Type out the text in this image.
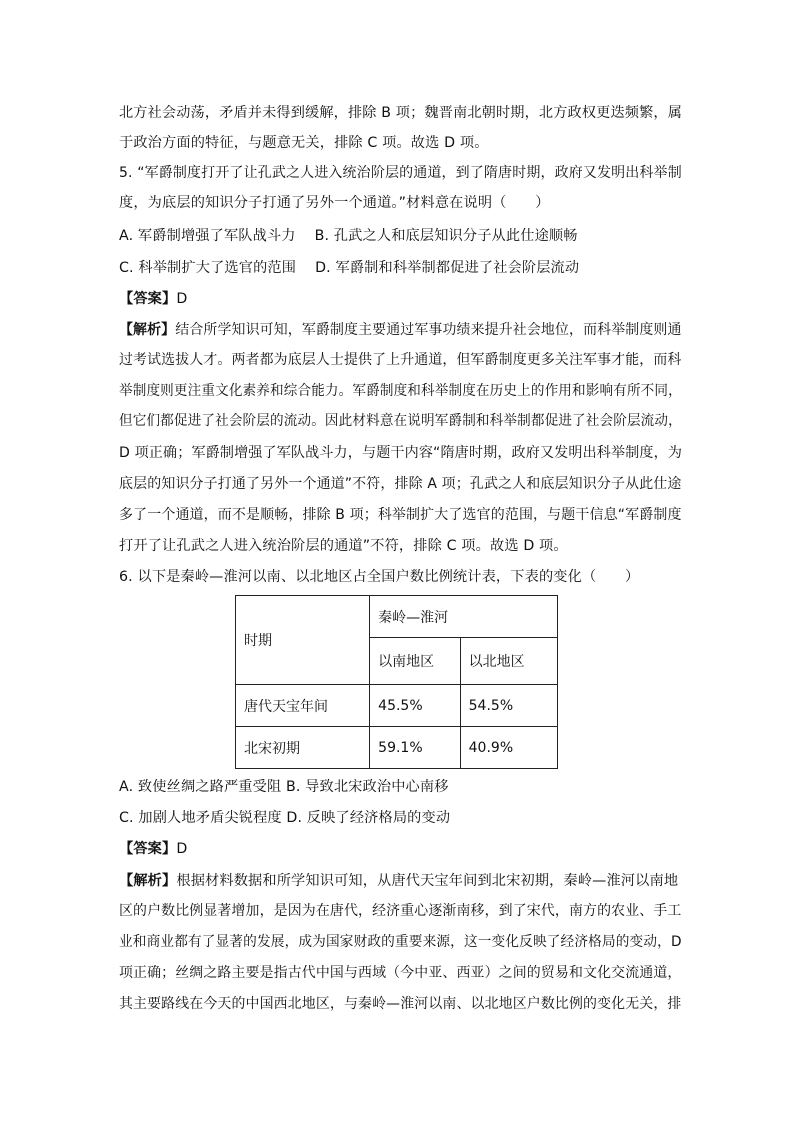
北方社会动荡，矛盾并未得到缓解，排除 B 项；魏晋南北朝时期，北方政权更迭频繁，属
于政治方面的特征，与题意无关，排除 C 项。故选 D 项。
5. “军爵制度打开了让孔武之人进入统治阶层的通道，到了隋唐时期，政府又发明出科举制
度，为底层的知识分子打通了另外一个通道。”材料意在说明（　　）
A. 军爵制增强了军队战斗力　 B. 孔武之人和底层知识分子从此仕途顺畅
C. 科举制扩大了选官的范围　 D. 军爵制和科举制都促进了社会阶层流动
【答案】D
【解析】结合所学知识可知，军爵制度主要通过军事功绩来提升社会地位，而科举制度则通
过考试选拔人才。两者都为底层人士提供了上升通道，但军爵制度更多关注军事才能，而科
举制度则更注重文化素养和综合能力。军爵制度和科举制度在历史上的作用和影响有所不同，
但它们都促进了社会阶层的流动。因此材料意在说明军爵制和科举制都促进了社会阶层流动，
D 项正确；军爵制增强了军队战斗力，与题干内容“隋唐时期，政府又发明出科举制度，为
底层的知识分子打通了另外一个通道”不符，排除 A 项；孔武之人和底层知识分子从此仕途
多了一个通道，而不是顺畅，排除 B 项；科举制扩大了选官的范围，与题干信息“军爵制度
打开了让孔武之人进入统治阶层的通道”不符，排除 C 项。故选 D 项。
6. 以下是秦岭—淮河以南、以北地区占全国户数比例统计表，下表的变化（　　）
时期	秦岭—淮河	
	以南地区	以北地区
唐代天宝年间	45.5%	54.5%
北宋初期	59.1%	40.9%
A. 致使丝绸之路严重受阻 B. 导致北宋政治中心南移
C. 加剧人地矛盾尖锐程度 D. 反映了经济格局的变动
【答案】D
【解析】根据材料数据和所学知识可知，从唐代天宝年间到北宋初期，秦岭—淮河以南地
区的户数比例显著增加，是因为在唐代，经济重心逐渐南移，到了宋代，南方的农业、手工
业和商业都有了显著的发展，成为国家财政的重要来源，这一变化反映了经济格局的变动，D
项正确；丝绸之路主要是指古代中国与西域（今中亚、西亚）之间的贸易和文化交流通道，
其主要路线在今天的中国西北地区，与秦岭—淮河以南、以北地区户数比例的变化无关，排
